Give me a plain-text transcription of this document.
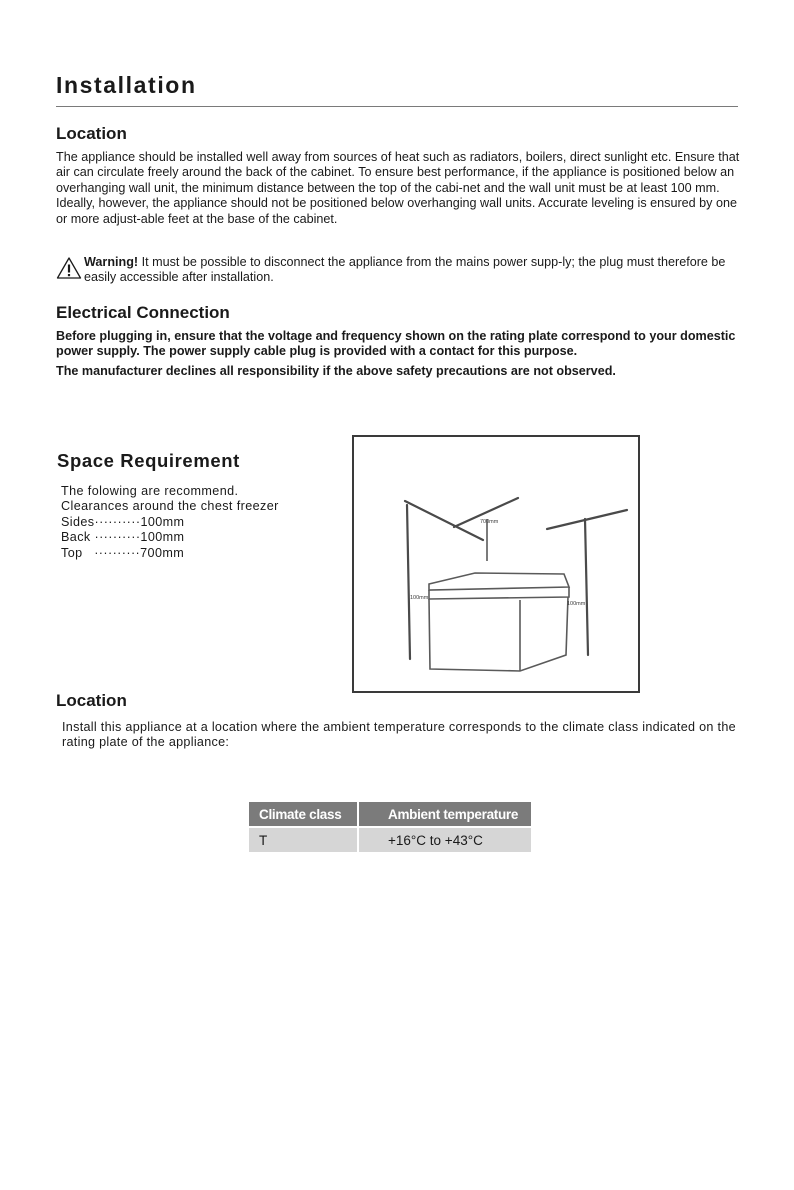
Installation
Location

The appliance should be installed well away from sources of heat such as radiators, boilers, direct sunlight etc. Ensure that air can circulate freely around the back of the cabinet. To ensure best performance, if the appliance is positioned below an overhanging wall unit, the minimum distance between the top of the cabi-net and the wall unit must be at least 100 mm. Ideally, however, the appliance should not be positioned below overhanging wall units. Accurate leveling is ensured by one or more adjust-able feet at the base of the cabinet.

Warning! It must be possible to disconnect the appliance from the mains power supp-ly; the plug must therefore be easily accessible after installation.

Electrical Connection

Before plugging in, ensure that the voltage and frequency shown on the rating plate correspond to your domestic power supply. The power supply cable plug is provided with a contact for this purpose.

The manufacturer declines all responsibility if the above safety precautions are not observed.

Space Requirement
The folowing are recommend.
Clearances around the chest freezer
Sides··········100mm
Back ··········100mm
Top   ··········700mm
700mm
100mm
100mm
Location

Install this appliance at a location where the ambient temperature corresponds to the climate class indicated on the rating plate of the appliance:

Climate class	Ambient temperature
T	+16°C to +43°C
